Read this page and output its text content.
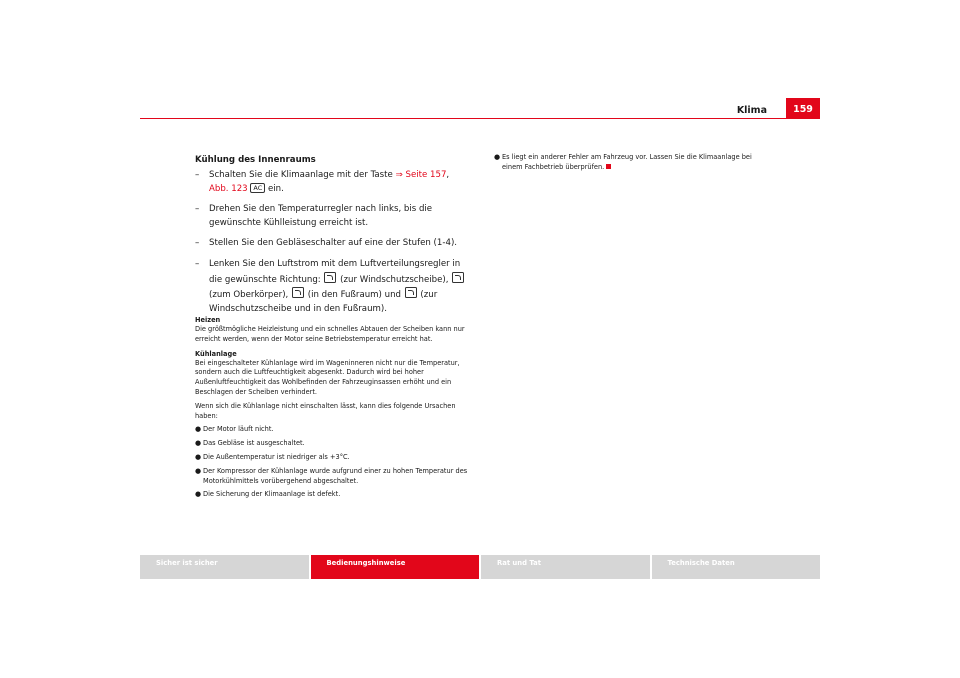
Klima	159
Kühlung des Innenraums
– Schalten Sie die Klimaanlage mit der Taste ⇒ Seite 157,
Abb. 123 AC ein.
– Drehen Sie den Temperaturregler nach links, bis die gewünschte Kühlleistung erreicht ist.
– Stellen Sie den Gebläseschalter auf eine der Stufen (1-4).
– Lenken Sie den Luftstrom mit dem Luftverteilungsregler in die gewünschte Richtung:  (zur Windschutzscheibe),  (zum Oberkörper),  (in den Fußraum) und  (zur Windschutzscheibe und in den Fußraum).
Heizen

Die größtmögliche Heizleistung und ein schnelles Abtauen der Scheiben kann nur erreicht werden, wenn der Motor seine Betriebstemperatur erreicht hat.

Kühlanlage

Bei eingeschalteter Kühlanlage wird im Wageninneren nicht nur die Temperatur, sondern auch die Luftfeuchtigkeit abgesenkt. Dadurch wird bei hoher Außenluftfeuchtigkeit das Wohlbefinden der Fahrzeuginsassen erhöht und ein Beschlagen der Scheiben verhindert.

Wenn sich die Kühlanlage nicht einschalten lässt, kann dies folgende Ursachen haben:

● Der Motor läuft nicht.
● Das Gebläse ist ausgeschaltet.
● Die Außentemperatur ist niedriger als +3°C.
● Der Kompressor der Kühlanlage wurde aufgrund einer zu hohen Temperatur des Motorkühlmittels vorübergehend abgeschaltet.
● Die Sicherung der Klimaanlage ist defekt.
● Es liegt ein anderer Fehler am Fahrzeug vor. Lassen Sie die Klimaanlage bei einem Fachbetrieb überprüfen.
Sicher ist sicher	Bedienungshinweise	Rat und Tat	Technische Daten
